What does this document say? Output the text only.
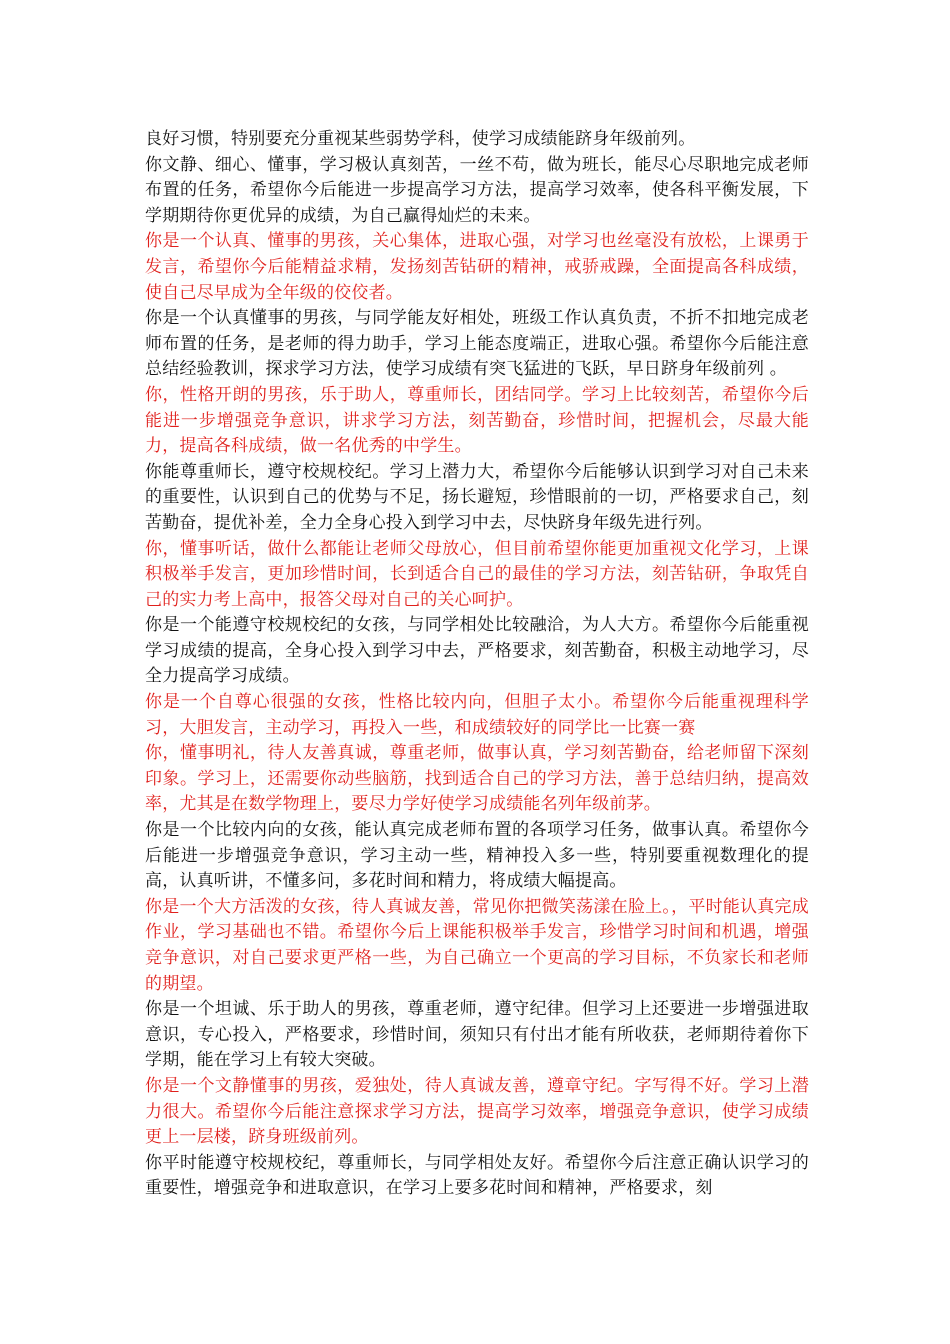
良好习惯，特别要充分重视某些弱势学科，使学习成绩能跻身年级前列。

你文静、细心、懂事，学习极认真刻苦，一丝不苟，做为班长，能尽心尽职地完成老师布置的任务，希望你今后能进一步提高学习方法，提高学习效率，使各科平衡发展，下学期期待你更优异的成绩，为自己赢得灿烂的未来。

你是一个认真、懂事的男孩，关心集体，进取心强，对学习也丝毫没有放松，上课勇于发言，希望你今后能精益求精，发扬刻苦钻研的精神，戒骄戒躁，全面提高各科成绩，使自己尽早成为全年级的佼佼者。

你是一个认真懂事的男孩，与同学能友好相处，班级工作认真负责，不折不扣地完成老师布置的任务，是老师的得力助手，学习上能态度端正，进取心强。希望你今后能注意总结经验教训，探求学习方法，使学习成绩有突飞猛进的飞跃，早日跻身年级前列 。

你，性格开朗的男孩，乐于助人，尊重师长，团结同学。学习上比较刻苦，希望你今后能进一步增强竞争意识，讲求学习方法，刻苦勤奋，珍惜时间，把握机会，尽最大能力，提高各科成绩，做一名优秀的中学生。

你能尊重师长，遵守校规校纪。学习上潜力大，希望你今后能够认识到学习对自己未来的重要性，认识到自己的优势与不足，扬长避短，珍惜眼前的一切，严格要求自己，刻苦勤奋，提优补差，全力全身心投入到学习中去，尽快跻身年级先进行列。

你，懂事听话，做什么都能让老师父母放心，但目前希望你能更加重视文化学习，上课积极举手发言，更加珍惜时间，长到适合自己的最佳的学习方法，刻苦钻研，争取凭自己的实力考上高中，报答父母对自己的关心呵护。

你是一个能遵守校规校纪的女孩，与同学相处比较融洽，为人大方。希望你今后能重视学习成绩的提高，全身心投入到学习中去，严格要求，刻苦勤奋，积极主动地学习，尽全力提高学习成绩。

你是一个自尊心很强的女孩，性格比较内向，但胆子太小。希望你今后能重视理科学习，大胆发言，主动学习，再投入一些，和成绩较好的同学比一比赛一赛

你，懂事明礼，待人友善真诚，尊重老师，做事认真，学习刻苦勤奋，给老师留下深刻印象。学习上，还需要你动些脑筋，找到适合自己的学习方法，善于总结归纳，提高效率，尤其是在数学物理上，要尽力学好使学习成绩能名列年级前茅。

你是一个比较内向的女孩，能认真完成老师布置的各项学习任务，做事认真。希望你今后能进一步增强竞争意识，学习主动一些，精神投入多一些，特别要重视数理化的提高，认真听讲，不懂多问，多花时间和精力，将成绩大幅提高。

你是一个大方活泼的女孩，待人真诚友善，常见你把微笑荡漾在脸上。，平时能认真完成作业，学习基础也不错。希望你今后上课能积极举手发言，珍惜学习时间和机遇，增强竞争意识，对自己要求更严格一些，为自己确立一个更高的学习目标，不负家长和老师的期望。

你是一个坦诚、乐于助人的男孩，尊重老师，遵守纪律。但学习上还要进一步增强进取意识，专心投入，严格要求，珍惜时间，须知只有付出才能有所收获，老师期待着你下学期，能在学习上有较大突破。

你是一个文静懂事的男孩，爱独处，待人真诚友善，遵章守纪。字写得不好。学习上潜力很大。希望你今后能注意探求学习方法，提高学习效率，增强竞争意识，使学习成绩更上一层楼，跻身班级前列。

你平时能遵守校规校纪，尊重师长，与同学相处友好。希望你今后注意正确认识学习的重要性，增强竞争和进取意识，在学习上要多花时间和精神，严格要求，刻
